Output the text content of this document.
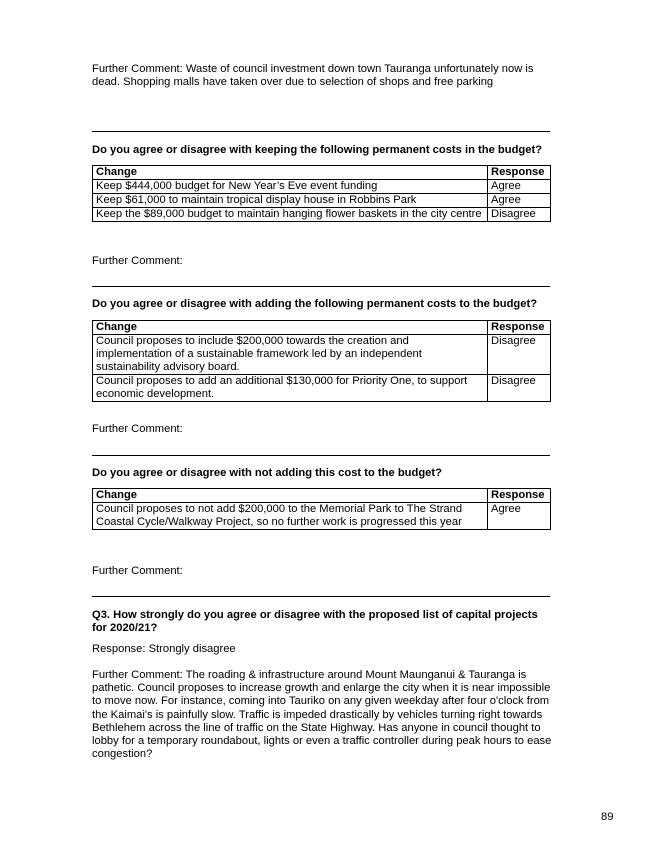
Further Comment: Waste of council investment down town Tauranga unfortunately now is dead. Shopping malls have taken over due to selection of shops and free parking

Do you agree or disagree with keeping the following permanent costs in the budget?

Change	Response
Keep $444,000 budget for New Year’s Eve event funding	Agree
Keep $61,000 to maintain tropical display house in Robbins Park	Agree
Keep the $89,000 budget to maintain hanging flower baskets in the city centre	Disagree

Further Comment:

Do you agree or disagree with adding the following permanent costs to the budget?

Change	Response
Council proposes to include $200,000 towards the creation and implementation of a sustainable framework led by an independent sustainability advisory board.	Disagree
Council proposes to add an additional $130,000 for Priority One, to support economic development.	Disagree

Further Comment:

Do you agree or disagree with not adding this cost to the budget?

Change	Response
Council proposes to not add $200,000 to the Memorial Park to The Strand Coastal Cycle/Walkway Project, so no further work is progressed this year	Agree

Further Comment:

Q3. How strongly do you agree or disagree with the proposed list of capital projects for 2020/21?

Response: Strongly disagree

Further Comment: The roading & infrastructure around Mount Maunganui & Tauranga is pathetic. Council proposes to increase growth and enlarge the city when it is near impossible to move now. For instance, coming into Tauriko on any given weekday after four o'clock from the Kaimai's is painfully slow. Traffic is impeded drastically by vehicles turning right towards Bethlehem across the line of traffic on the State Highway. Has anyone in council thought to lobby for a temporary roundabout, lights or even a traffic controller during peak hours to ease congestion?

89
